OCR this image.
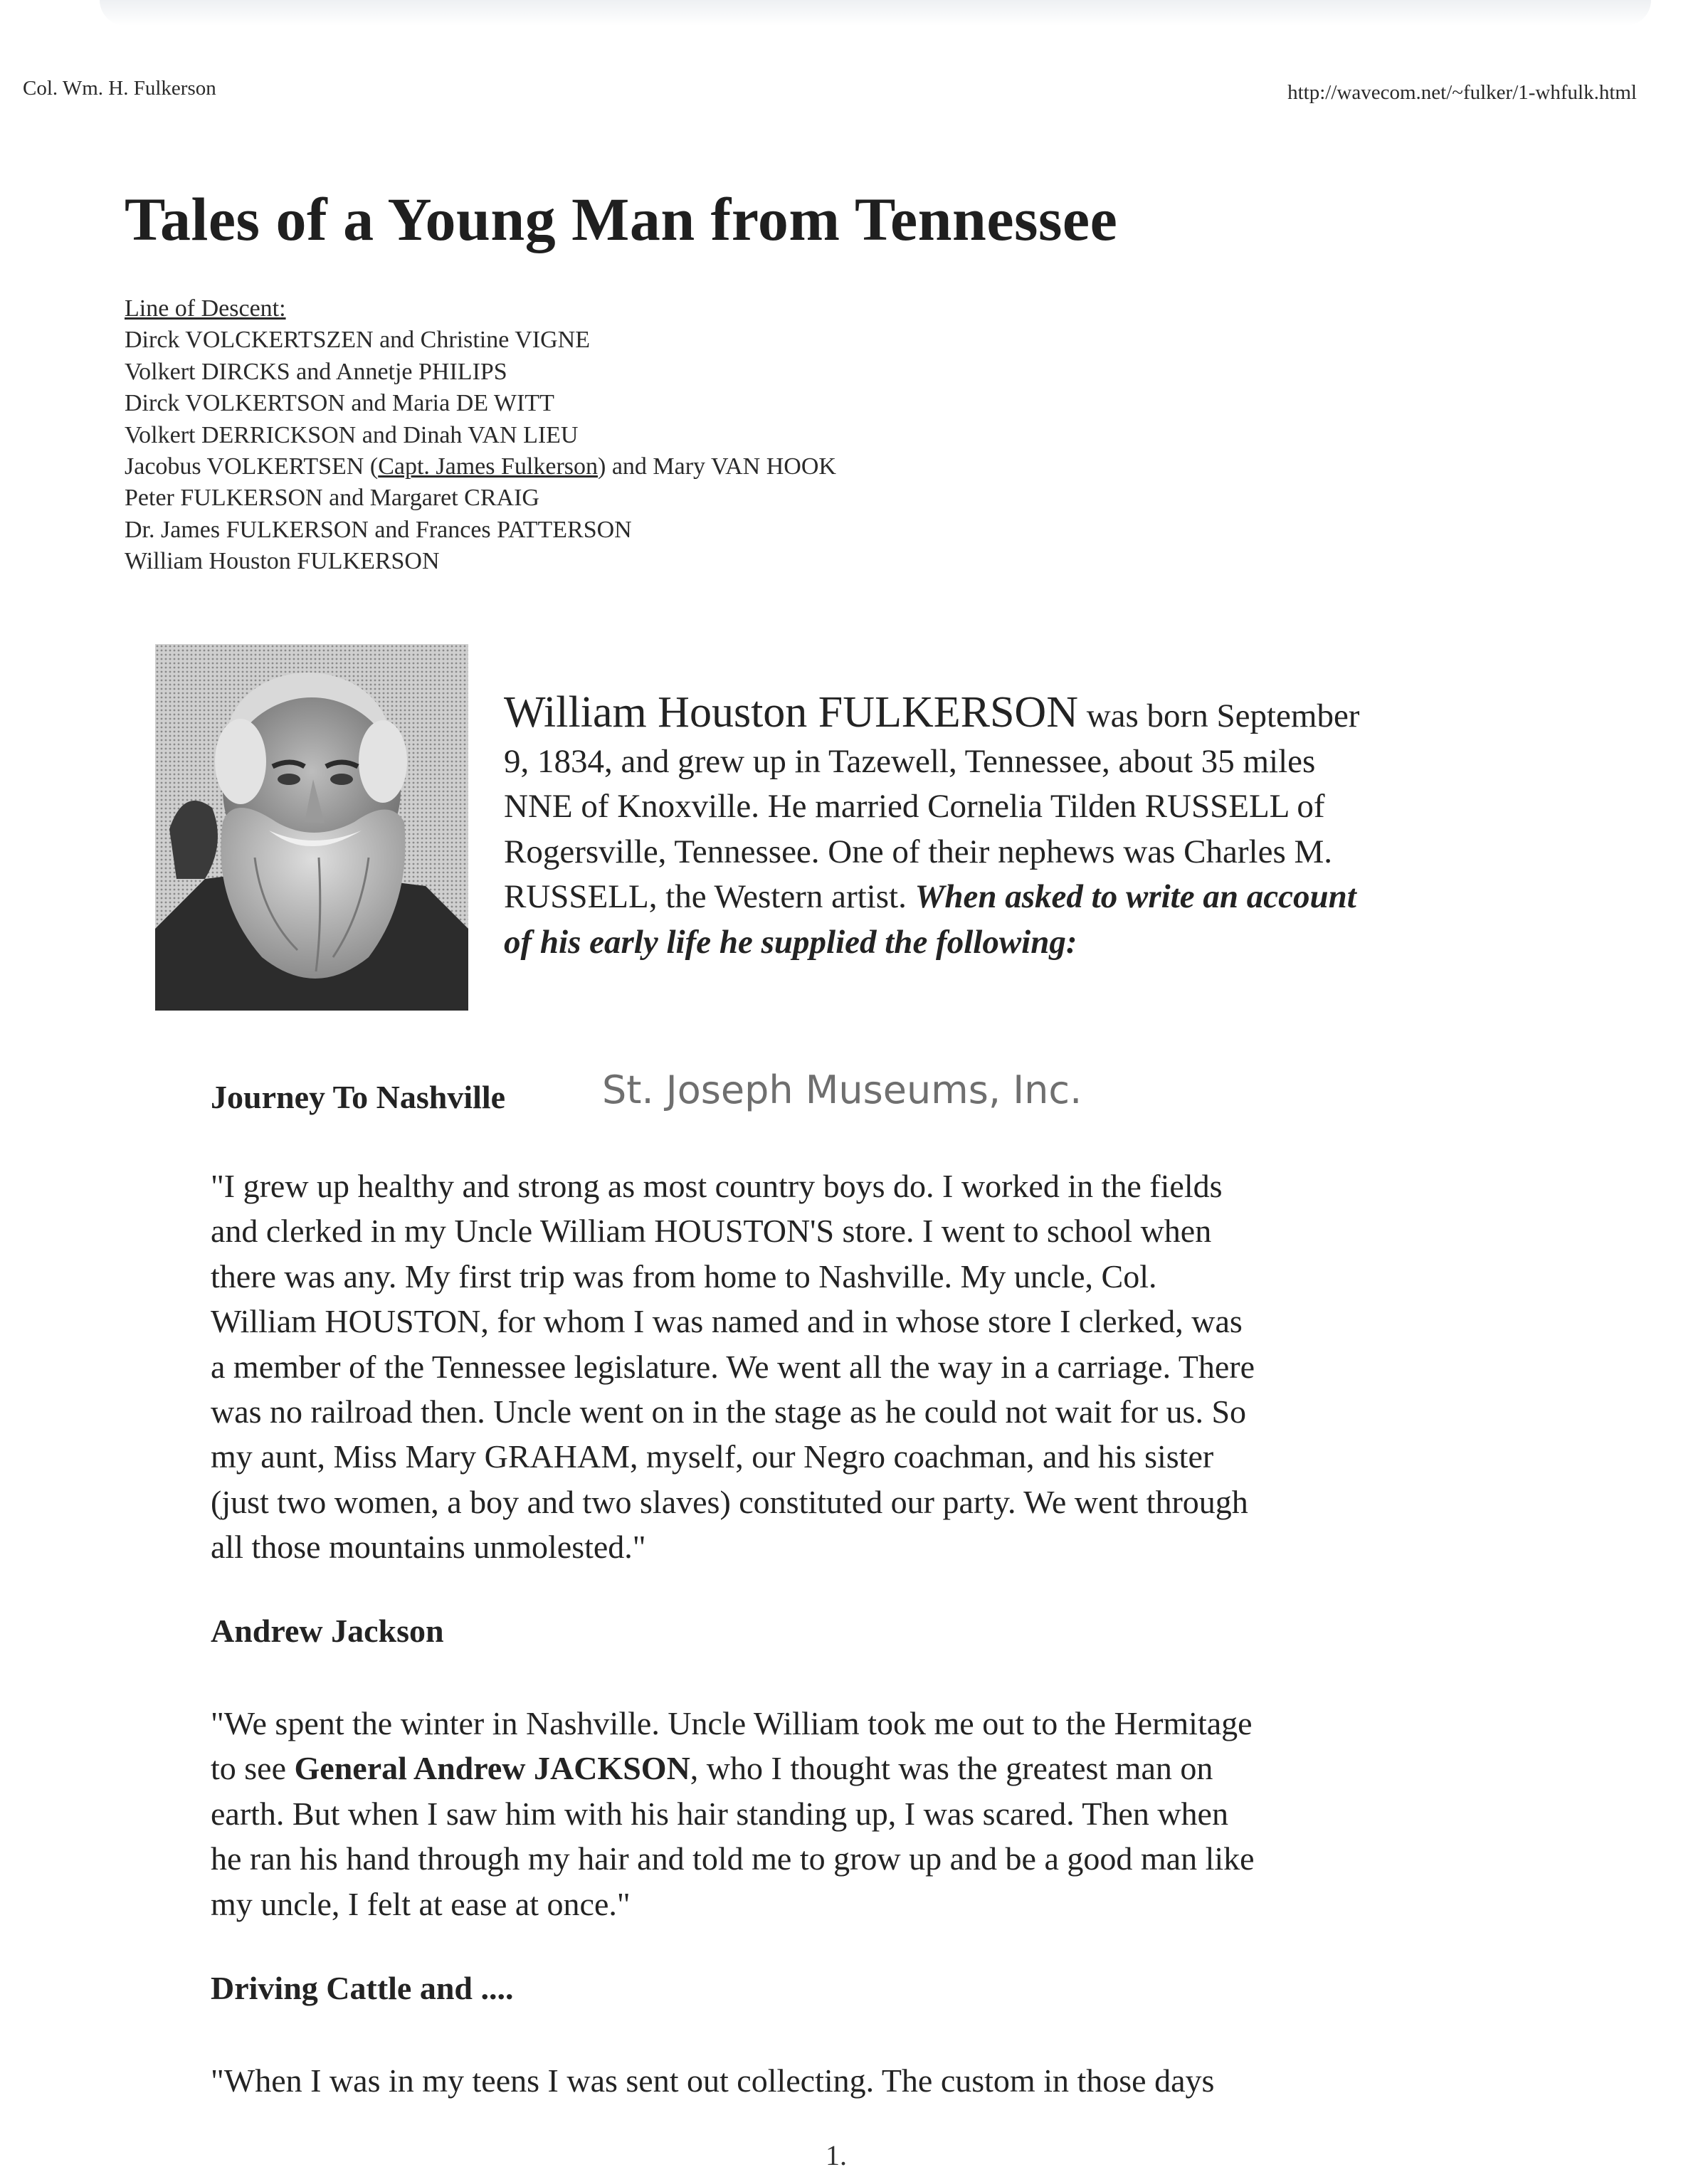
Col. Wm. H. Fulkerson	http://wavecom.net/~fulker/1-whfulk.html
Tales of a Young Man from Tennessee
Line of Descent:
Dirck VOLCKERTSZEN and Christine VIGNE
Volkert DIRCKS and Annetje PHILIPS
Dirck VOLKERTSON and Maria DE WITT
Volkert DERRICKSON and Dinah VAN LIEU
Jacobus VOLKERTSEN (Capt. James Fulkerson) and Mary VAN HOOK
Peter FULKERSON and Margaret CRAIG
Dr. James FULKERSON and Frances PATTERSON
William Houston FULKERSON
William Houston FULKERSON was born September
9, 1834, and grew up in Tazewell, Tennessee, about 35 miles
NNE of Knoxville. He married Cornelia Tilden RUSSELL of
Rogersville, Tennessee. One of their nephews was Charles M.
RUSSELL, the Western artist. When asked to write an account
of his early life he supplied the following:
Journey To Nashville	St. Joseph Museums, Inc.
"I grew up healthy and strong as most country boys do. I worked in the fields
and clerked in my Uncle William HOUSTON'S store. I went to school when
there was any. My first trip was from home to Nashville. My uncle, Col.
William HOUSTON, for whom I was named and in whose store I clerked, was
a member of the Tennessee legislature. We went all the way in a carriage. There
was no railroad then. Uncle went on in the stage as he could not wait for us. So
my aunt, Miss Mary GRAHAM, myself, our Negro coachman, and his sister
(just two women, a boy and two slaves) constituted our party. We went through
all those mountains unmolested."
Andrew Jackson
"We spent the winter in Nashville. Uncle William took me out to the Hermitage
to see General Andrew JACKSON, who I thought was the greatest man on
earth. But when I saw him with his hair standing up, I was scared. Then when
he ran his hand through my hair and told me to grow up and be a good man like
my uncle, I felt at ease at once."
Driving Cattle and ....
"When I was in my teens I was sent out collecting. The custom in those days
1.
